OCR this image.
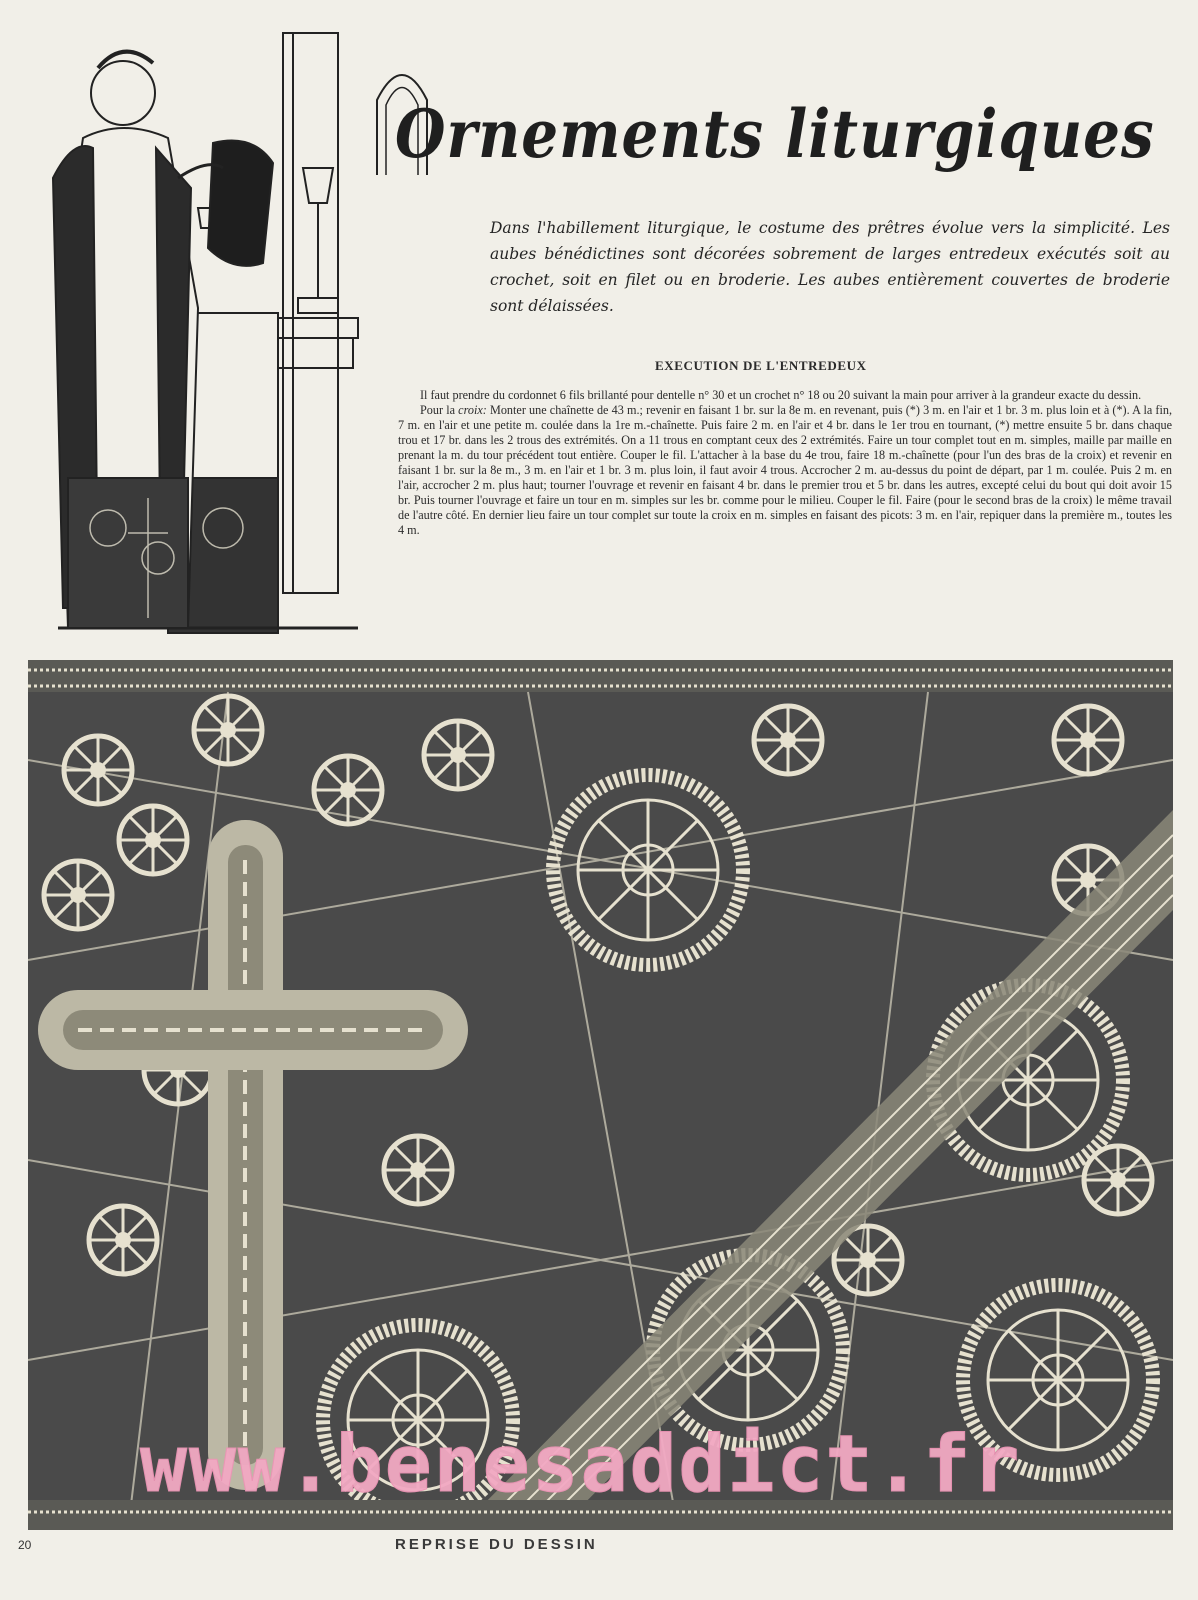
Ornements liturgiques
Dans l'habillement liturgique, le costume des prêtres évolue vers la simplicité. Les aubes bénédictines sont décorées sobrement de larges entredeux exécutés soit au crochet, soit en filet ou en broderie. Les aubes entièrement couvertes de broderie sont délaissées.
EXECUTION DE L'ENTREDEUX

Il faut prendre du cordonnet 6 fils brillanté pour dentelle n° 30 et un crochet n° 18 ou 20 suivant la main pour arriver à la grandeur exacte du dessin.

Pour la croix: Monter une chaînette de 43 m.; revenir en faisant 1 br. sur la 8e m. en revenant, puis (*) 3 m. en l'air et 1 br. 3 m. plus loin et à (*). A la fin, 7 m. en l'air et une petite m. coulée dans la 1re m.-chaînette. Puis faire 2 m. en l'air et 4 br. dans le 1er trou en tournant, (*) mettre ensuite 5 br. dans chaque trou et 17 br. dans les 2 trous des extrémités. On a 11 trous en comptant ceux des 2 extrémités. Faire un tour complet tout en m. simples, maille par maille en prenant la m. du tour précédent tout entière. Couper le fil. L'attacher à la base du 4e trou, faire 18 m.-chaînette (pour l'un des bras de la croix) et revenir en faisant 1 br. sur la 8e m., 3 m. en l'air et 1 br. 3 m. plus loin, il faut avoir 4 trous. Accrocher 2 m. au-dessus du point de départ, par 1 m. coulée. Puis 2 m. en l'air, accrocher 2 m. plus haut; tourner l'ouvrage et revenir en faisant 4 br. dans le premier trou et 5 br. dans les autres, excepté celui du bout qui doit avoir 15 br. Puis tourner l'ouvrage et faire un tour en m. simples sur les br. comme pour le milieu. Couper le fil. Faire (pour le second bras de la croix) le même travail de l'autre côté. En dernier lieu faire un tour complet sur toute la croix en m. simples en faisant des picots: 3 m. en l'air, repiquer dans la première m., toutes les 4 m.

20	REPRISE DU DESSIN
www.benesaddict.fr
